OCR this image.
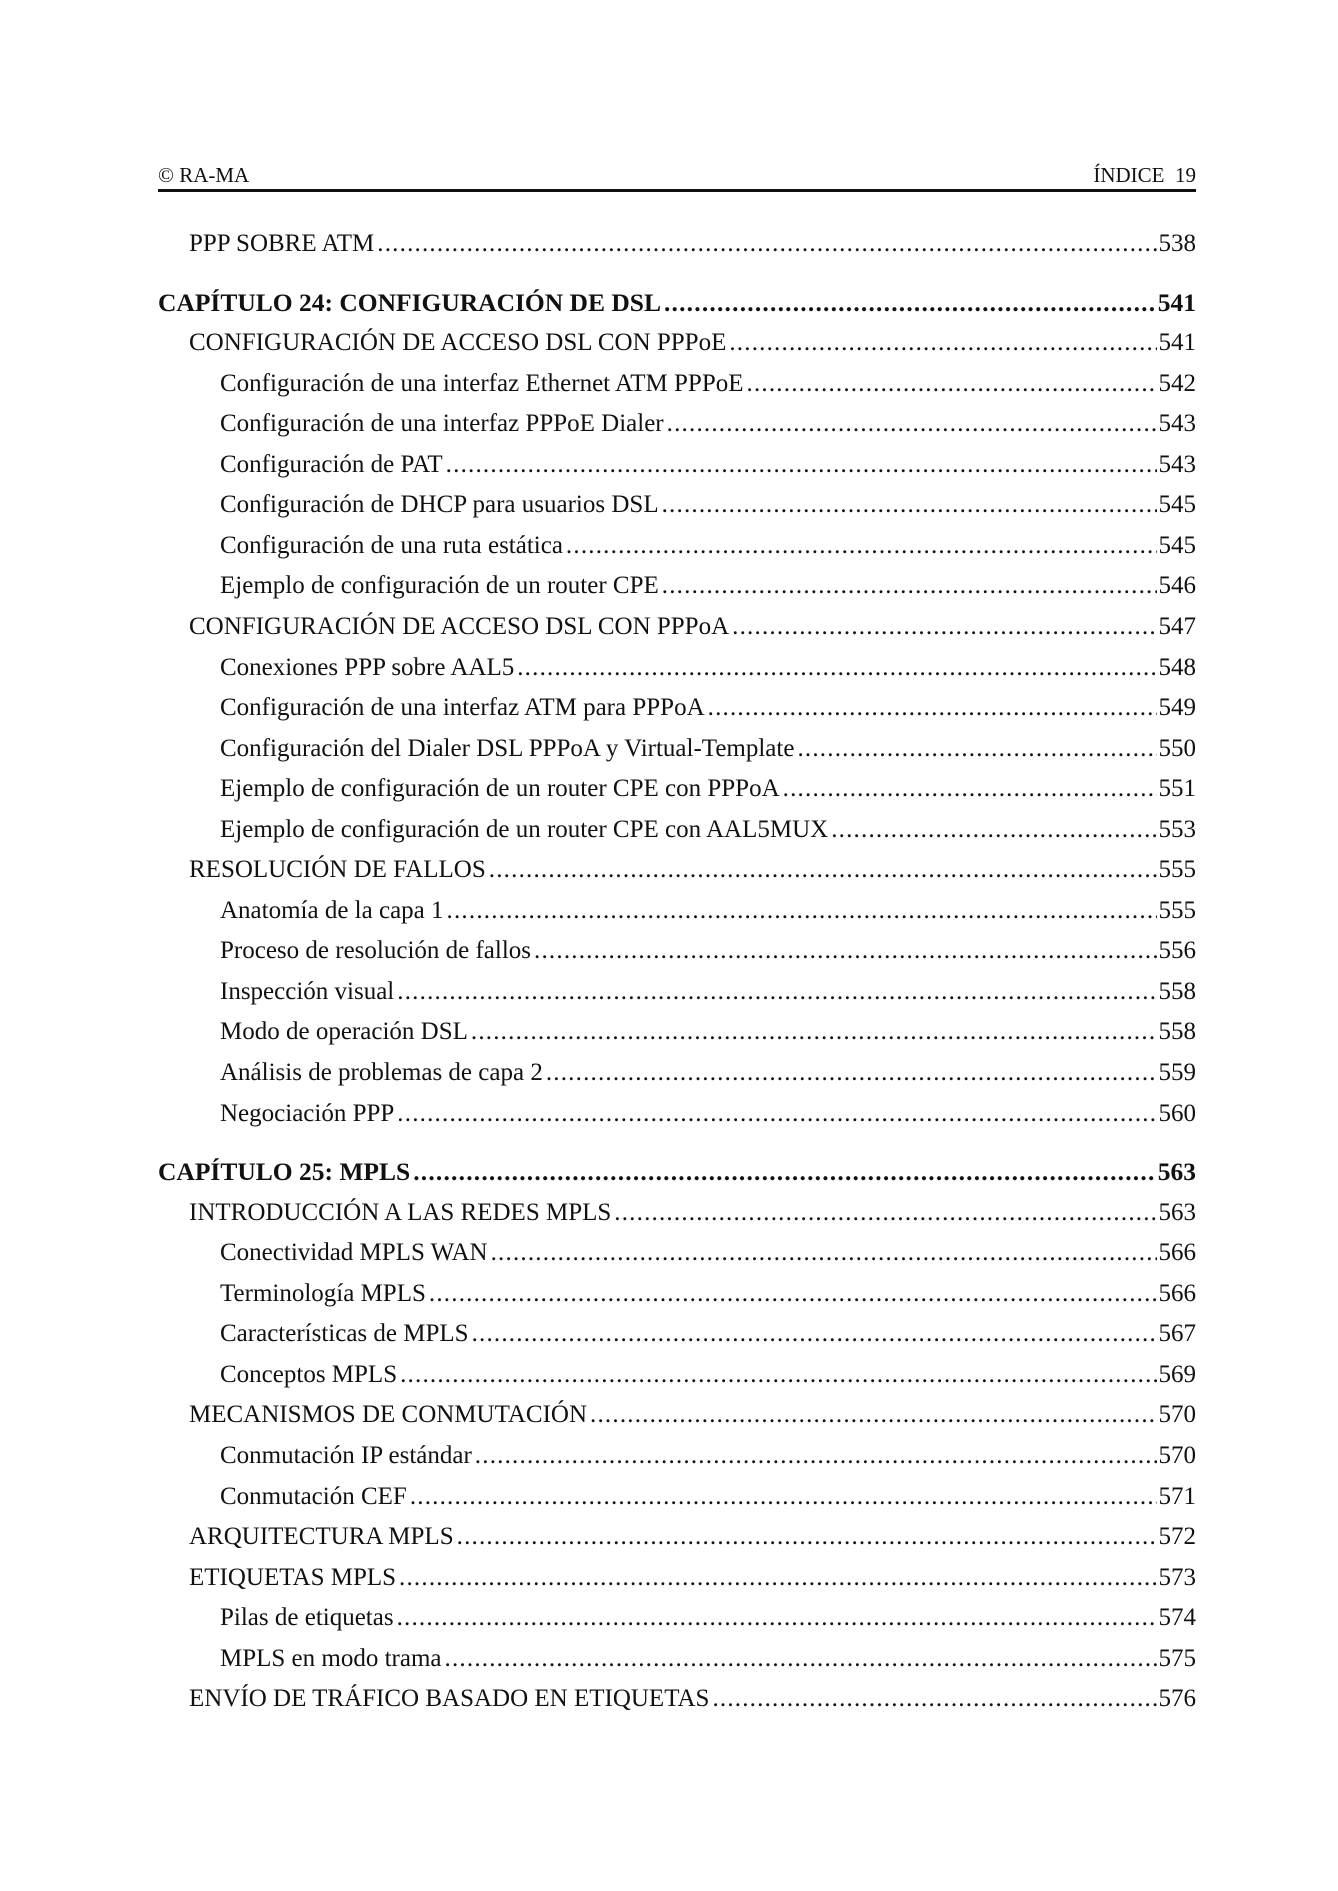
© RA-MA	ÍNDICE  19
PPP SOBRE ATM .....	538
CAPÍTULO 24: CONFIGURACIÓN DE DSL .....	541
CONFIGURACIÓN DE ACCESO DSL CON PPPoE .....	541
Configuración de una interfaz Ethernet ATM PPPoE .....	542
Configuración de una interfaz PPPoE Dialer .....	543
Configuración de PAT .....	543
Configuración de DHCP para usuarios DSL .....	545
Configuración de una ruta estática .....	545
Ejemplo de configuración de un router CPE .....	546
CONFIGURACIÓN DE ACCESO DSL CON PPPoA .....	547
Conexiones PPP sobre AAL5 .....	548
Configuración de una interfaz ATM para PPPoA .....	549
Configuración del Dialer DSL PPPoA y Virtual-Template .....	550
Ejemplo de configuración de un router CPE con PPPoA .....	551
Ejemplo de configuración de un router CPE con AAL5MUX .....	553
RESOLUCIÓN DE FALLOS .....	555
Anatomía de la capa 1 .....	555
Proceso de resolución de fallos .....	556
Inspección visual .....	558
Modo de operación DSL .....	558
Análisis de problemas de capa 2 .....	559
Negociación PPP .....	560
CAPÍTULO 25: MPLS .....	563
INTRODUCCIÓN A LAS REDES MPLS .....	563
Conectividad MPLS WAN .....	566
Terminología MPLS .....	566
Características de MPLS .....	567
Conceptos MPLS .....	569
MECANISMOS DE CONMUTACIÓN .....	570
Conmutación IP estándar .....	570
Conmutación CEF .....	571
ARQUITECTURA MPLS .....	572
ETIQUETAS MPLS .....	573
Pilas de etiquetas .....	574
MPLS en modo trama .....	575
ENVÍO DE TRÁFICO BASADO EN ETIQUETAS .....	576
